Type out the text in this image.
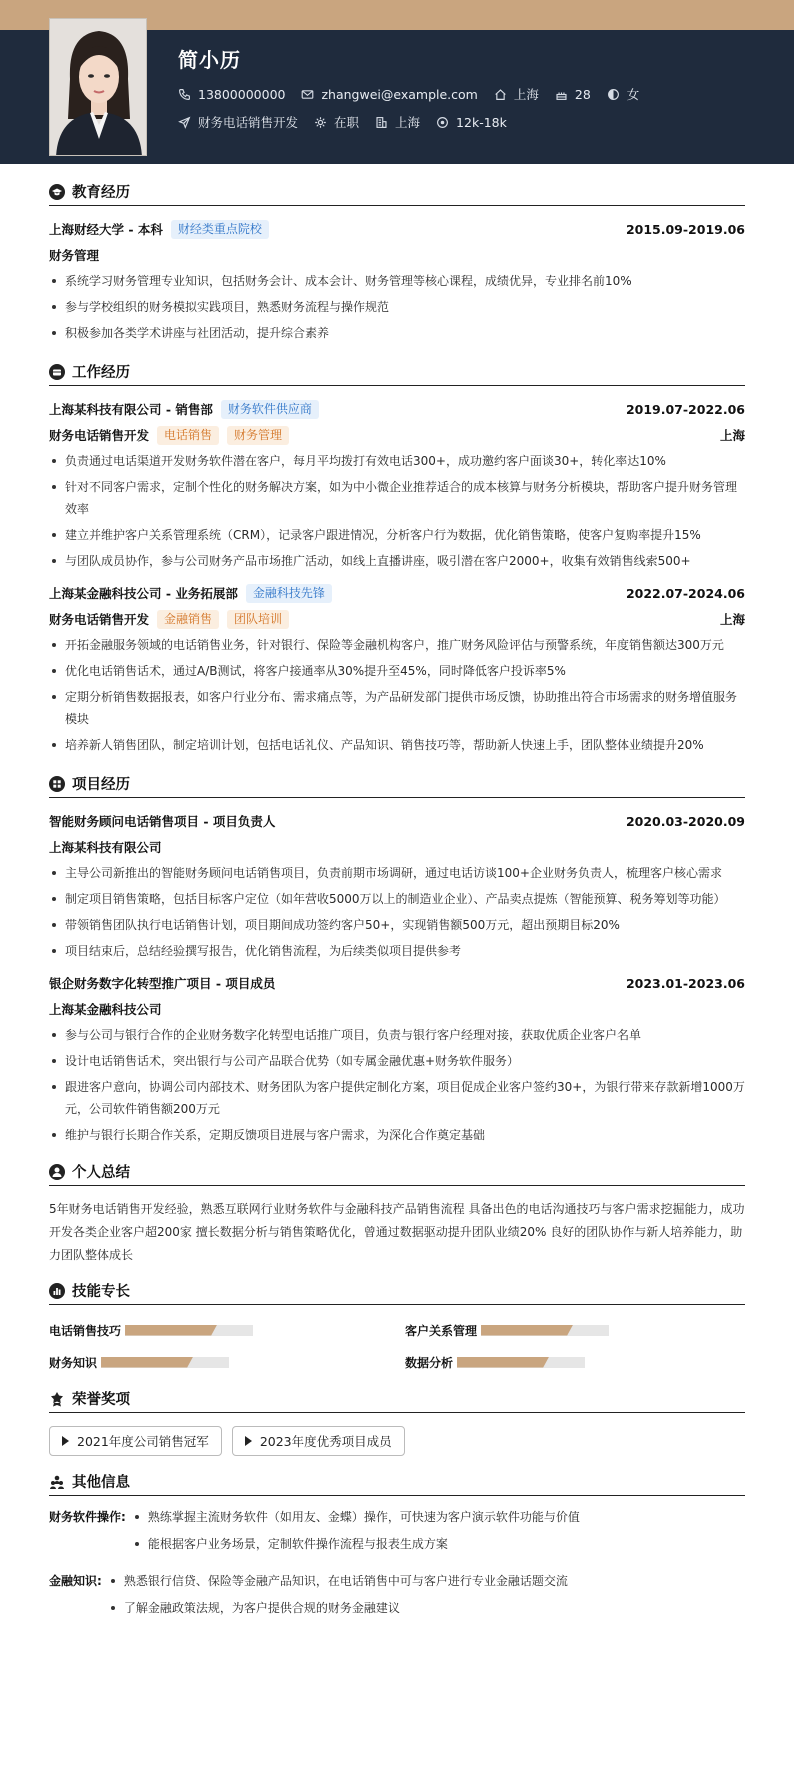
简小历
13800000000	zhangwei@example.com	上海	28	女
财务电话销售开发	在职	上海	12k-18k
教育经历
上海财经大学 - 本科	财经类重点院校	2015.09-2019.06
财务管理
系统学习财务管理专业知识，包括财务会计、成本会计、财务管理等核心课程，成绩优异，专业排名前10%
参与学校组织的财务模拟实践项目，熟悉财务流程与操作规范
积极参加各类学术讲座与社团活动，提升综合素养
工作经历
上海某科技有限公司 - 销售部	财务软件供应商	2019.07-2022.06
财务电话销售开发	电话销售	财务管理	上海
负责通过电话渠道开发财务软件潜在客户，每月平均拨打有效电话300+，成功邀约客户面谈30+，转化率达10%
针对不同客户需求，定制个性化的财务解决方案，如为中小微企业推荐适合的成本核算与财务分析模块，帮助客户提升财务管理效率
建立并维护客户关系管理系统（CRM），记录客户跟进情况，分析客户行为数据，优化销售策略，使客户复购率提升15%
与团队成员协作，参与公司财务产品市场推广活动，如线上直播讲座，吸引潜在客户2000+，收集有效销售线索500+
上海某金融科技公司 - 业务拓展部	金融科技先锋	2022.07-2024.06
财务电话销售开发	金融销售	团队培训	上海
开拓金融服务领域的电话销售业务，针对银行、保险等金融机构客户，推广财务风险评估与预警系统，年度销售额达300万元
优化电话销售话术，通过A/B测试，将客户接通率从30%提升至45%，同时降低客户投诉率5%
定期分析销售数据报表，如客户行业分布、需求痛点等，为产品研发部门提供市场反馈，协助推出符合市场需求的财务增值服务模块
培养新人销售团队，制定培训计划，包括电话礼仪、产品知识、销售技巧等，帮助新人快速上手，团队整体业绩提升20%
项目经历
智能财务顾问电话销售项目 - 项目负责人	2020.03-2020.09
上海某科技有限公司
主导公司新推出的智能财务顾问电话销售项目，负责前期市场调研，通过电话访谈100+企业财务负责人，梳理客户核心需求
制定项目销售策略，包括目标客户定位（如年营收5000万以上的制造业企业）、产品卖点提炼（智能预算、税务筹划等功能）
带领销售团队执行电话销售计划，项目期间成功签约客户50+，实现销售额500万元，超出预期目标20%
项目结束后，总结经验撰写报告，优化销售流程，为后续类似项目提供参考
银企财务数字化转型推广项目 - 项目成员	2023.01-2023.06
上海某金融科技公司
参与公司与银行合作的企业财务数字化转型电话推广项目，负责与银行客户经理对接，获取优质企业客户名单
设计电话销售话术，突出银行与公司产品联合优势（如专属金融优惠+财务软件服务）
跟进客户意向，协调公司内部技术、财务团队为客户提供定制化方案，项目促成企业客户签约30+，为银行带来存款新增1000万元，公司软件销售额200万元
维护与银行长期合作关系，定期反馈项目进展与客户需求，为深化合作奠定基础
个人总结

5年财务电话销售开发经验，熟悉互联网行业财务软件与金融科技产品销售流程 具备出色的电话沟通技巧与客户需求挖掘能力，成功开发各类企业客户超200家 擅长数据分析与销售策略优化，曾通过数据驱动提升团队业绩20% 良好的团队协作与新人培养能力，助力团队整体成长

技能专长
电话销售技巧	客户关系管理
财务知识	数据分析
荣誉奖项
2021年度公司销售冠军	2023年度优秀项目成员
其他信息
财务软件操作:	熟练掌握主流财务软件（如用友、金蝶）操作，可快速为客户演示软件功能与价值
能根据客户业务场景，定制软件操作流程与报表生成方案
金融知识:	熟悉银行信贷、保险等金融产品知识，在电话销售中可与客户进行专业金融话题交流
了解金融政策法规，为客户提供合规的财务金融建议
